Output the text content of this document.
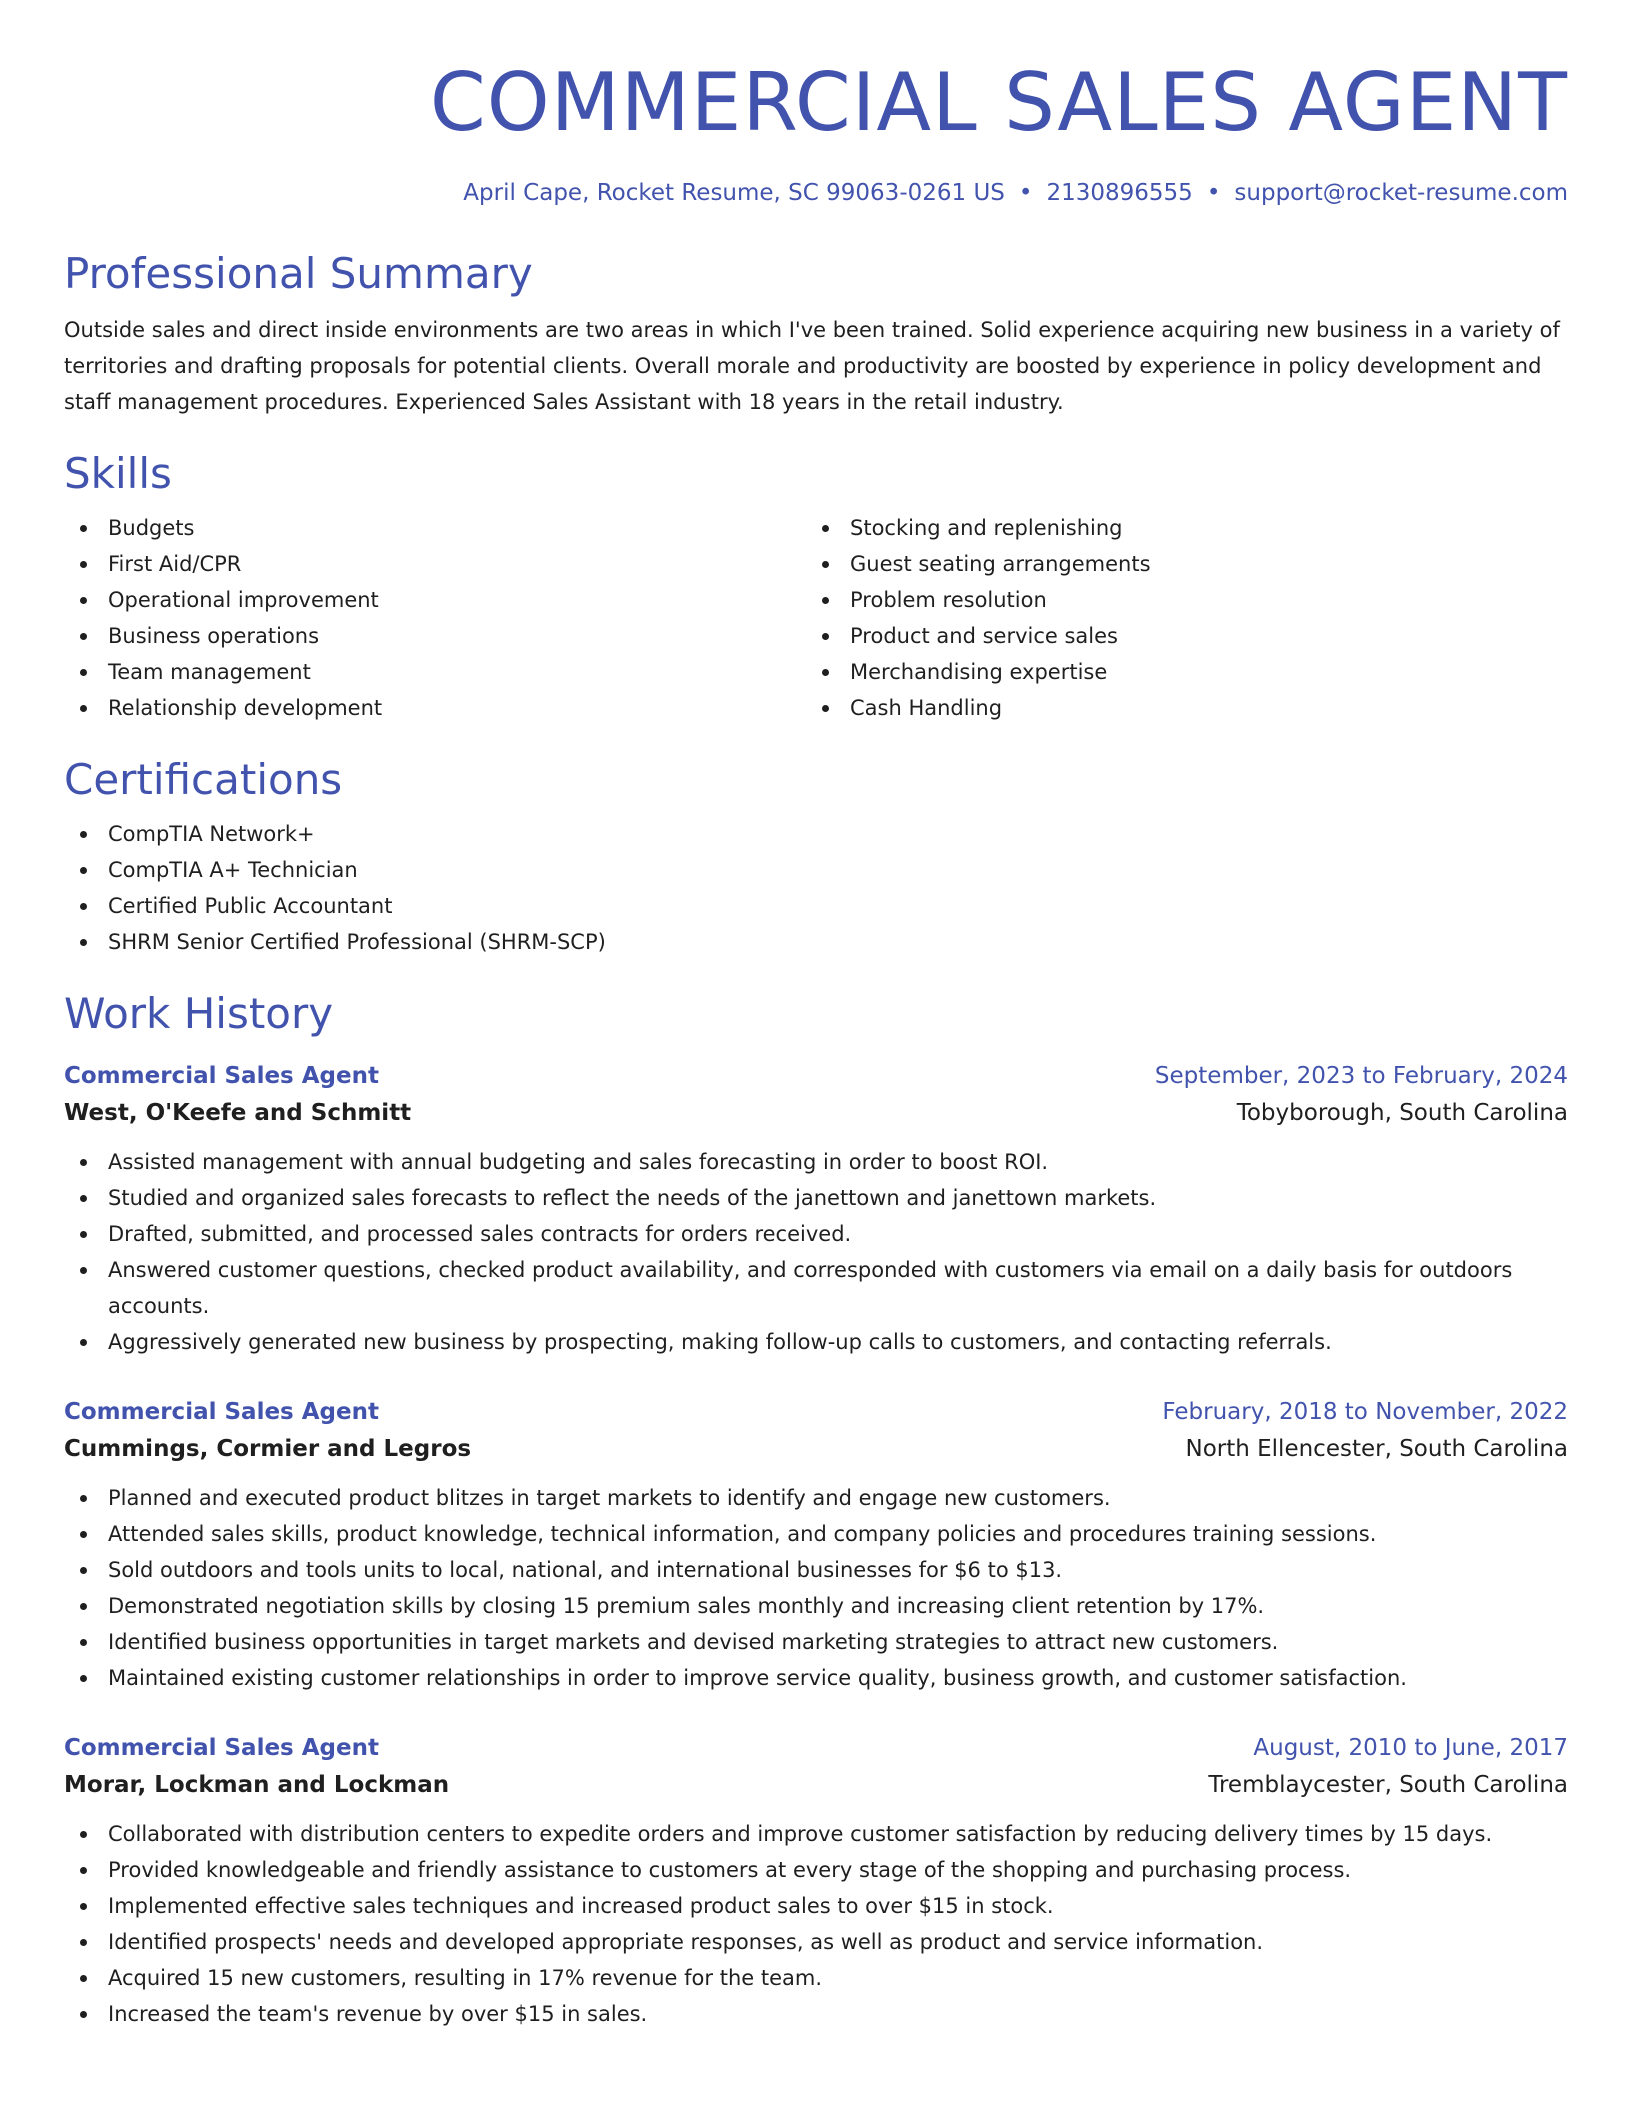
COMMERCIAL SALES AGENT
April Cape, Rocket Resume, SC 99063-0261 US • 2130896555 • support@rocket-resume.com
Professional Summary
Outside sales and direct inside environments are two areas in which I've been trained. Solid experience acquiring new business in a variety of territories and drafting proposals for potential clients. Overall morale and productivity are boosted by experience in policy development and staff management procedures. Experienced Sales Assistant with 18 years in the retail industry.
Skills
Budgets
First Aid/CPR
Operational improvement
Business operations
Team management
Relationship development
Stocking and replenishing
Guest seating arrangements
Problem resolution
Product and service sales
Merchandising expertise
Cash Handling
Certifications
CompTIA Network+
CompTIA A+ Technician
Certified Public Accountant
SHRM Senior Certified Professional (SHRM-SCP)
Work History
Commercial Sales Agent	September, 2023 to February, 2024
West, O'Keefe and Schmitt	Tobyborough, South Carolina
Assisted management with annual budgeting and sales forecasting in order to boost ROI.
Studied and organized sales forecasts to reflect the needs of the janettown and janettown markets.
Drafted, submitted, and processed sales contracts for orders received.
Answered customer questions, checked product availability, and corresponded with customers via email on a daily basis for outdoors accounts.
Aggressively generated new business by prospecting, making follow-up calls to customers, and contacting referrals.
Commercial Sales Agent	February, 2018 to November, 2022
Cummings, Cormier and Legros	North Ellencester, South Carolina
Planned and executed product blitzes in target markets to identify and engage new customers.
Attended sales skills, product knowledge, technical information, and company policies and procedures training sessions.
Sold outdoors and tools units to local, national, and international businesses for $6 to $13.
Demonstrated negotiation skills by closing 15 premium sales monthly and increasing client retention by 17%.
Identified business opportunities in target markets and devised marketing strategies to attract new customers.
Maintained existing customer relationships in order to improve service quality, business growth, and customer satisfaction.
Commercial Sales Agent	August, 2010 to June, 2017
Morar, Lockman and Lockman	Tremblaycester, South Carolina
Collaborated with distribution centers to expedite orders and improve customer satisfaction by reducing delivery times by 15 days.
Provided knowledgeable and friendly assistance to customers at every stage of the shopping and purchasing process.
Implemented effective sales techniques and increased product sales to over $15 in stock.
Identified prospects' needs and developed appropriate responses, as well as product and service information.
Acquired 15 new customers, resulting in 17% revenue for the team.
Increased the team's revenue by over $15 in sales.
